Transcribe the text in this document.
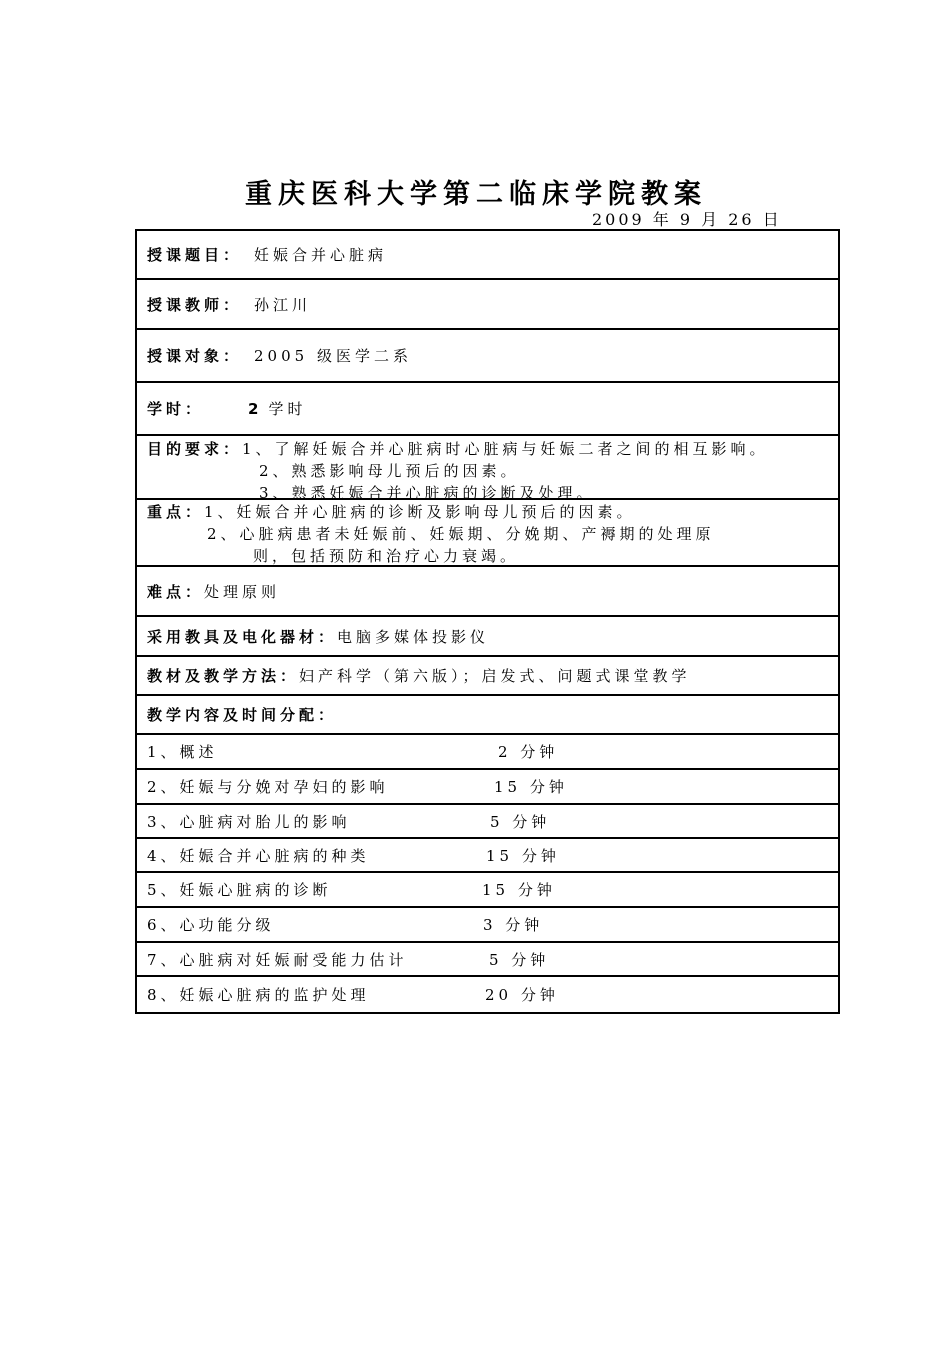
重庆医科大学第二临床学院教案
2009 年 9 月 26 日
授课题目： 妊娠合并心脏病
授课教师： 孙江川
授课对象： 2005 级医学二系
学时：	2 学时
目的要求：1、了解妊娠合并心脏病时心脏病与妊娠二者之间的相互影响。
2、熟悉影响母儿预后的因素。
3、熟悉妊娠合并心脏病的诊断及处理。
重点：1、妊娠合并心脏病的诊断及影响母儿预后的因素。
2、心脏病患者未妊娠前、妊娠期、分娩期、产褥期的处理原
则，包括预防和治疗心力衰竭。
难点： 处理原则
采用教具及电化器材： 电脑多媒体投影仪
教材及教学方法： 妇产科学（第六版）；启发式、问题式课堂教学
教学内容及时间分配：
1、概述	2 分钟
2、妊娠与分娩对孕妇的影响	15 分钟
3、心脏病对胎儿的影响	5 分钟
4、妊娠合并心脏病的种类	15 分钟
5、妊娠心脏病的诊断	15 分钟
6、心功能分级	3 分钟
7、心脏病对妊娠耐受能力估计	5 分钟
8、妊娠心脏病的监护处理	20 分钟
